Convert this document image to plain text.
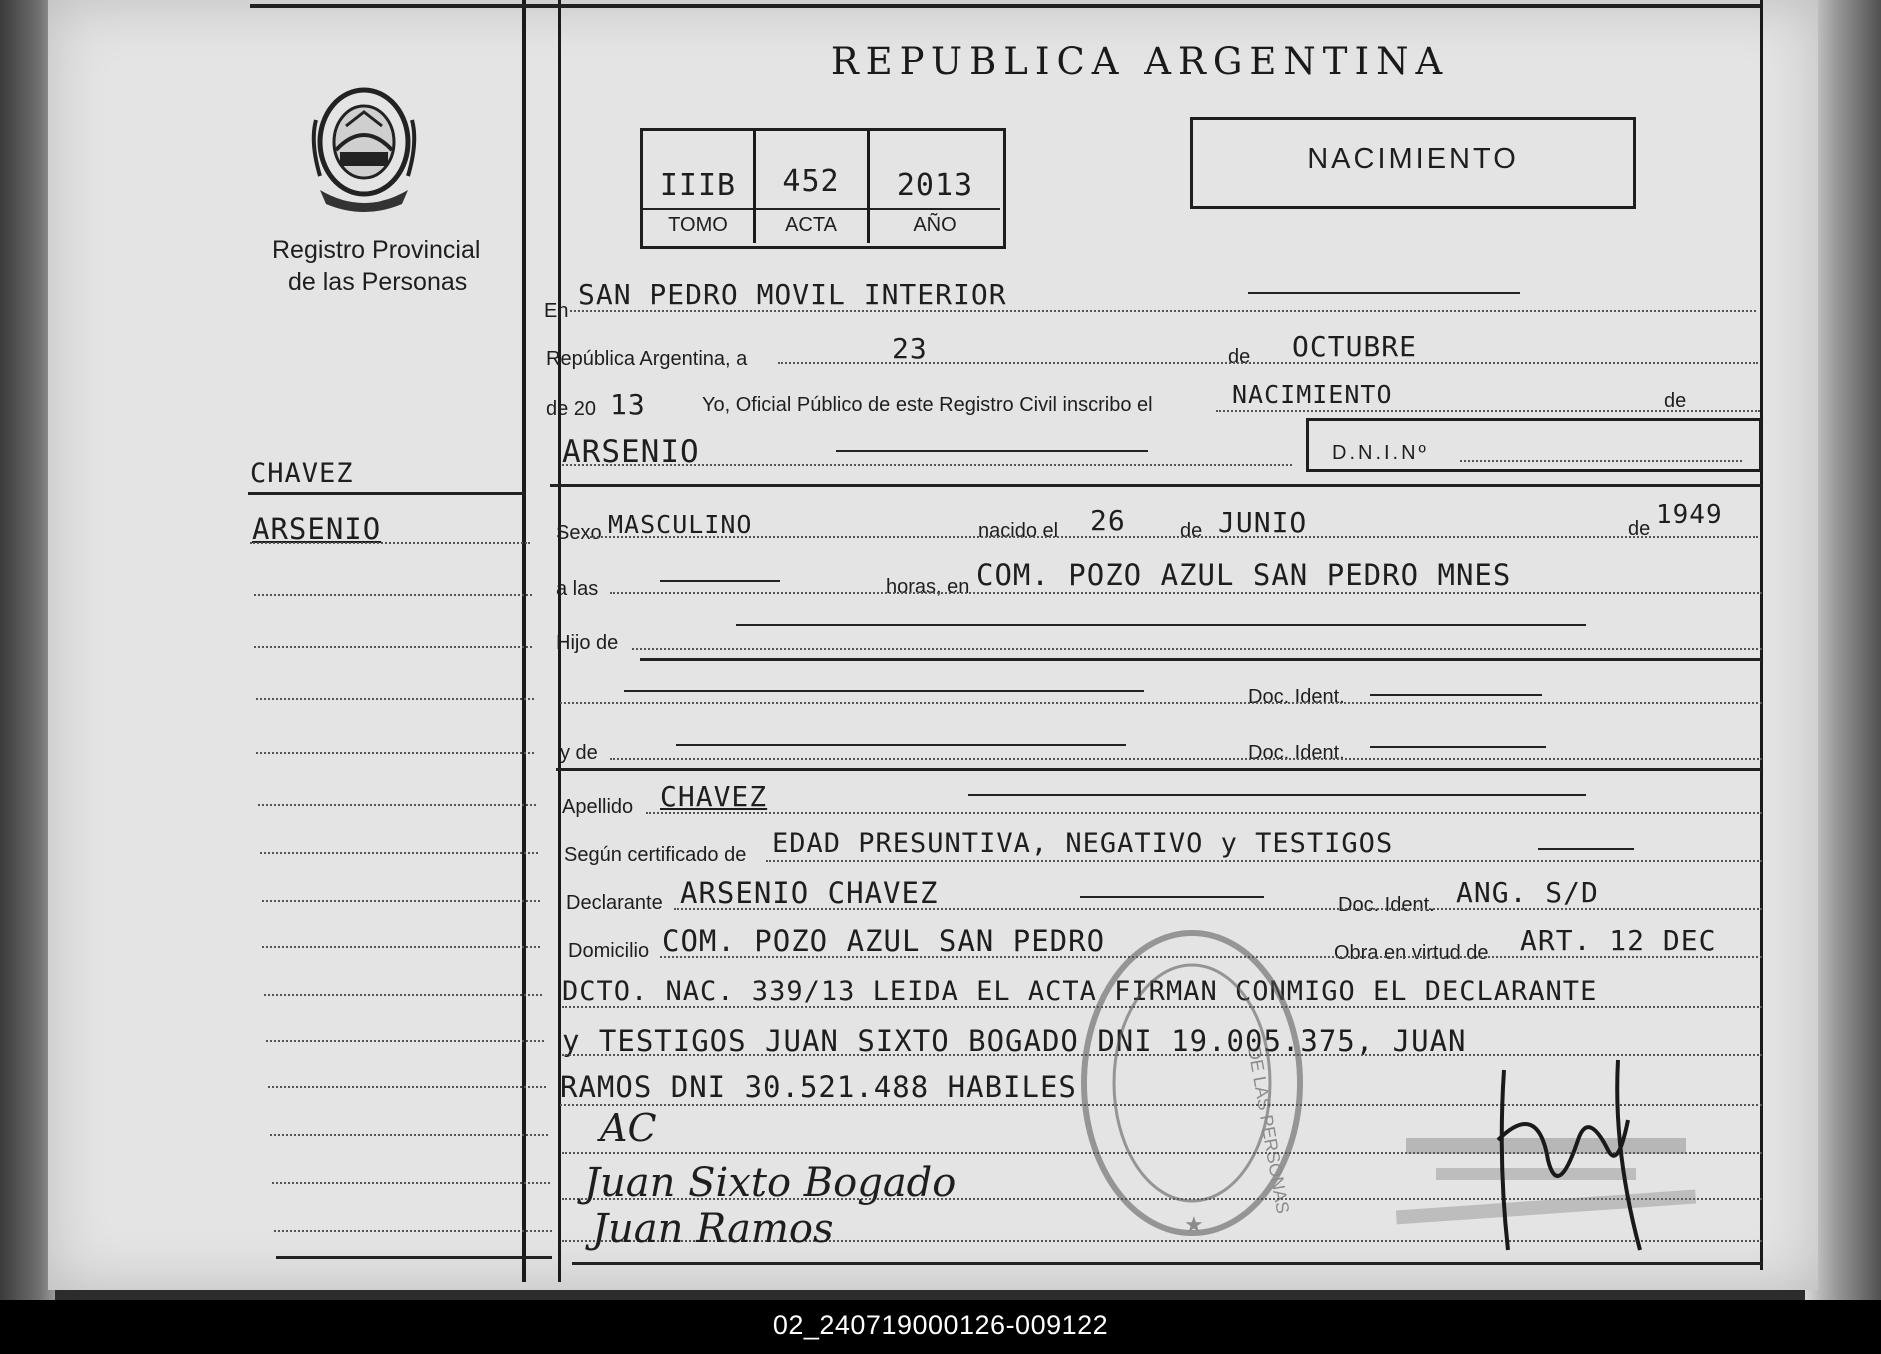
Registro Provincial
de las Personas
REPUBLICA ARGENTINA
IIIB	452	2013
TOMO	ACTA	AÑO
NACIMIENTO
CHAVEZ
ARSENIO
En SAN PEDRO MOVIL INTERIOR
República Argentina, a	23	de OCTUBRE
de 20 13	Yo, Oficial Público de este Registro Civil inscribo el	NACIMIENTO	de
ARSENIO	D.N.I.Nº
Sexo MASCULINO	nacido el 26	de JUNIO	de 1949
a las	horas, en COM. POZO AZUL SAN PEDRO MNES
Hijo de
Doc. Ident.
y de	Doc. Ident.
Apellido CHAVEZ
Según certificado de EDAD PRESUNTIVA, NEGATIVO y TESTIGOS
Declarante ARSENIO CHAVEZ	Doc. Ident. ANG. S/D
Domicilio COM. POZO AZUL SAN PEDRO	Obra en virtud de ART. 12 DEC
DCTO. NAC. 339/13 LEIDA EL ACTA FIRMAN CONMIGO EL DECLARANTE
y TESTIGOS JUAN SIXTO BOGADO DNI 19.005.375, JUAN
RAMOS DNI 30.521.488 HABILES	DE LAS PERSONAS
★
AC
Juan Sixto Bogado
Juan Ramos
02_240719000126-009122
